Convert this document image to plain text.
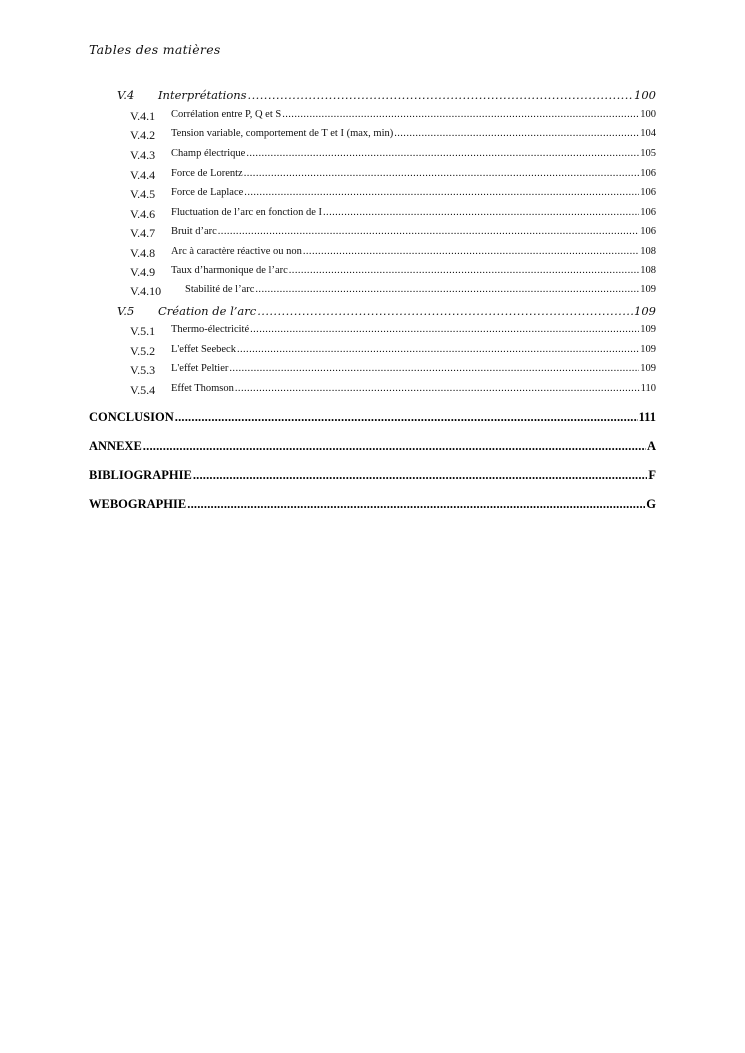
Tables des matières
V.4 Interprétations .....	100
V.4.1 Corrélation entre P, Q et S .....	100
V.4.2 Tension variable, comportement de T et I (max, min) .....	104
V.4.3 Champ électrique .....	105
V.4.4 Force de Lorentz .....	106
V.4.5 Force de Laplace .....	106
V.4.6 Fluctuation de l’arc en fonction de I .....	106
V.4.7 Bruit d’arc .....	106
V.4.8 Arc à caractère réactive ou non .....	108
V.4.9 Taux d’harmonique de l’arc .....	108
V.4.10 Stabilité de l’arc .....	109
V.5 Création de l’arc .....	109
V.5.1 Thermo-électricité .....	109
V.5.2 L'effet Seebeck .....	109
V.5.3 L'effet Peltier .....	109
V.5.4 Effet Thomson .....	110
CONCLUSION .....	111
ANNEXE .....	A
BIBLIOGRAPHIE .....	F
WEBOGRAPHIE .....	G
